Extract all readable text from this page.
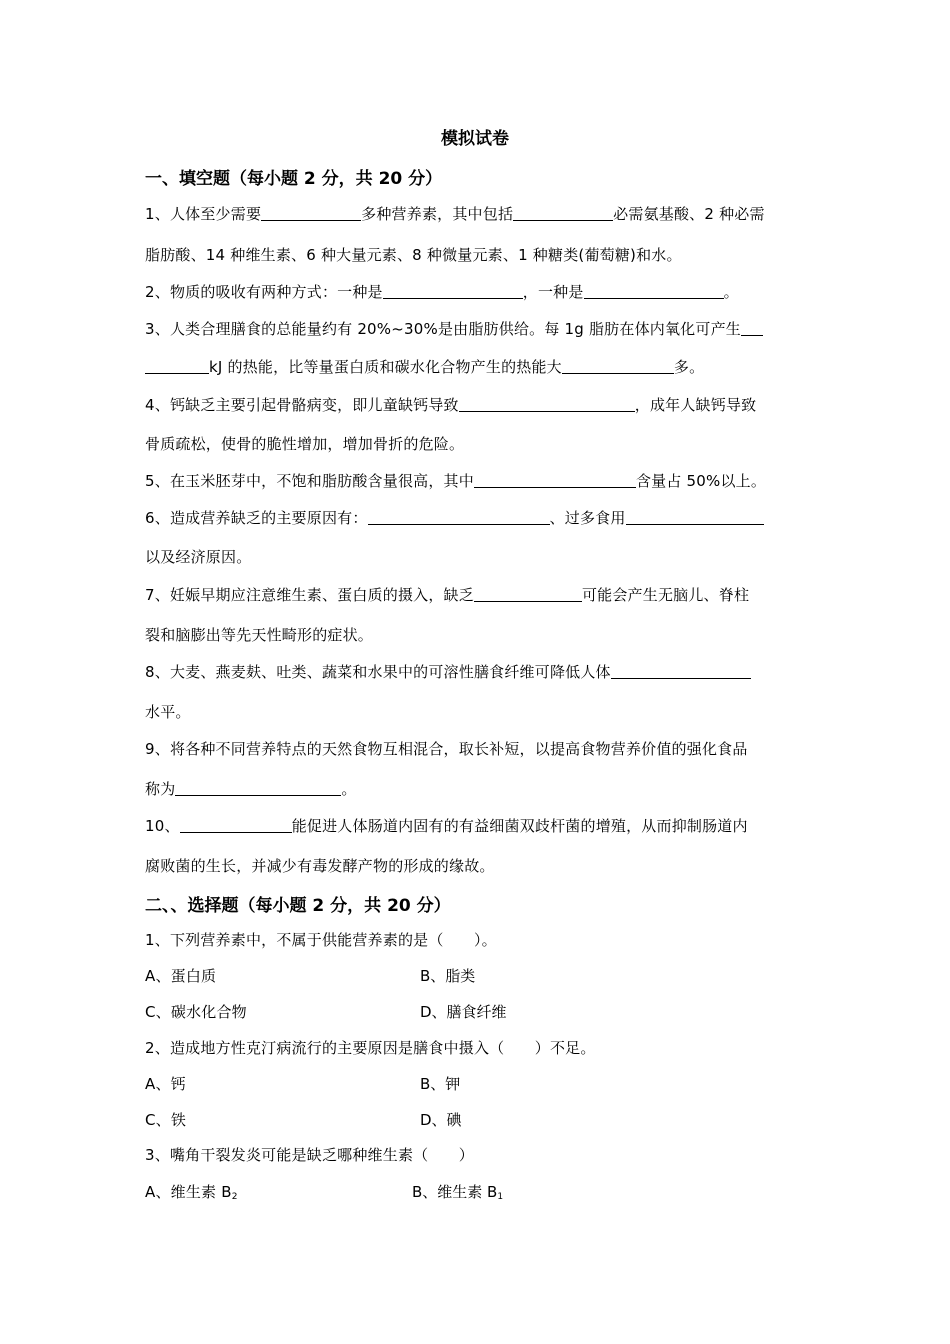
模拟试卷
一、填空题（每小题 2 分，共 20 分）
1、人体至少需要	多种营养素，其中包括	必需氨基酸、2 种必需
脂肪酸、14 种维生素、6 种大量元素、8 种微量元素、1 种糖类(葡萄糖)和水。
2、物质的吸收有两种方式：一种是	，一种是	。
3、人类合理膳食的总能量约有 20%~30%是由脂肪供给。每 1g 脂肪在体内氧化可产生
kJ 的热能，比等量蛋白质和碳水化合物产生的热能大	多。
4、钙缺乏主要引起骨骼病变，即儿童缺钙导致	，成年人缺钙导致
骨质疏松，使骨的脆性增加，增加骨折的危险。
5、在玉米胚芽中，不饱和脂肪酸含量很高，其中	含量占 50%以上。
6、造成营养缺乏的主要原因有：	、过多食用
以及经济原因。
7、妊娠早期应注意维生素、蛋白质的摄入，缺乏	可能会产生无脑儿、脊柱
裂和脑膨出等先天性畸形的症状。
8、大麦、燕麦麸、吐类、蔬菜和水果中的可溶性膳食纤维可降低人体
水平。
9、将各种不同营养特点的天然食物互相混合，取长补短，以提高食物营养价值的强化食品
称为	。
10、	能促进人体肠道内固有的有益细菌双歧杆菌的增殖，从而抑制肠道内
腐败菌的生长，并减少有毒发酵产物的形成的缘故。
二、、选择题（每小题 2 分，共 20 分）
1、下列营养素中，不属于供能营养素的是（　　）。
A、蛋白质	B、脂类
C、碳水化合物	D、膳食纤维
2、造成地方性克汀病流行的主要原因是膳食中摄入（　　）不足。
A、钙	B、钾
C、铁	D、碘
3、嘴角干裂发炎可能是缺乏哪种维生素（　　）
A、维生素 $B_2$	B、维生素 $B_1$
